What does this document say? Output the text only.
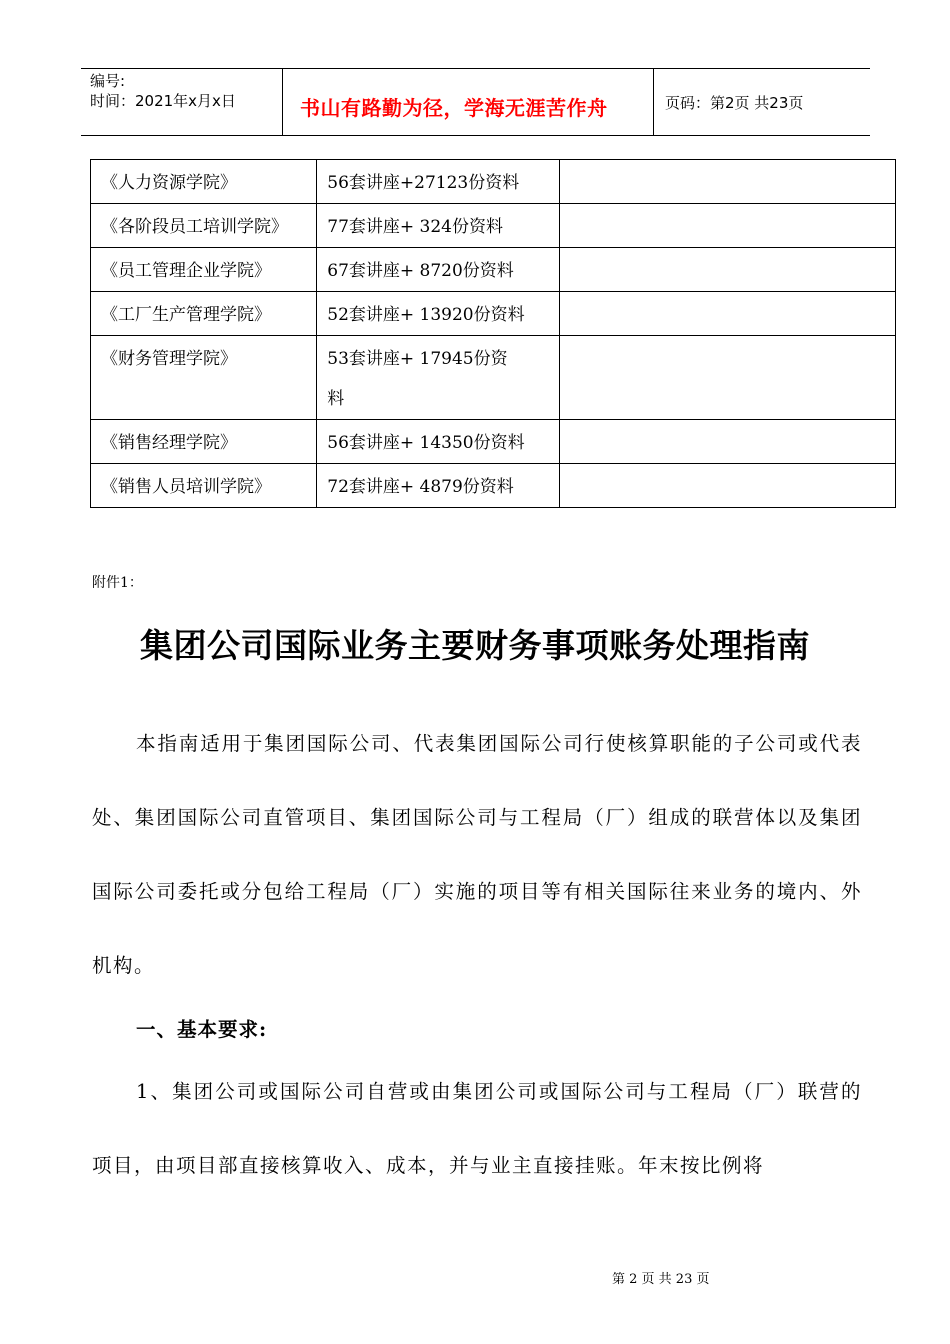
编号:
时间：2021年x月x日	书山有路勤为径，学海无涯苦作舟	页码：第2页 共23页
《人力资源学院》	56套讲座+27123份资料	

《各阶段员工培训学院》	77套讲座+ 324份资料	

《员工管理企业学院》	67套讲座+ 8720份资料	

《工厂生产管理学院》	52套讲座+ 13920份资料	

《财务管理学院》	53套讲座+ 17945份资料	

《销售经理学院》	56套讲座+ 14350份资料	

《销售人员培训学院》	72套讲座+ 4879份资料	

附件1：
集团公司国际业务主要财务事项账务处理指南
本指南适用于集团国际公司、代表集团国际公司行使核算职能的子公司或代表处、集团国际公司直管项目、集团国际公司与工程局（厂）组成的联营体以及集团国际公司委托或分包给工程局（厂）实施的项目等有相关国际往来业务的境内、外机构。
一、基本要求:
1、集团公司或国际公司自营或由集团公司或国际公司与工程局（厂）联营的项目，由项目部直接核算收入、成本，并与业主直接挂账。年末按比例将
第 2 页 共 23 页
